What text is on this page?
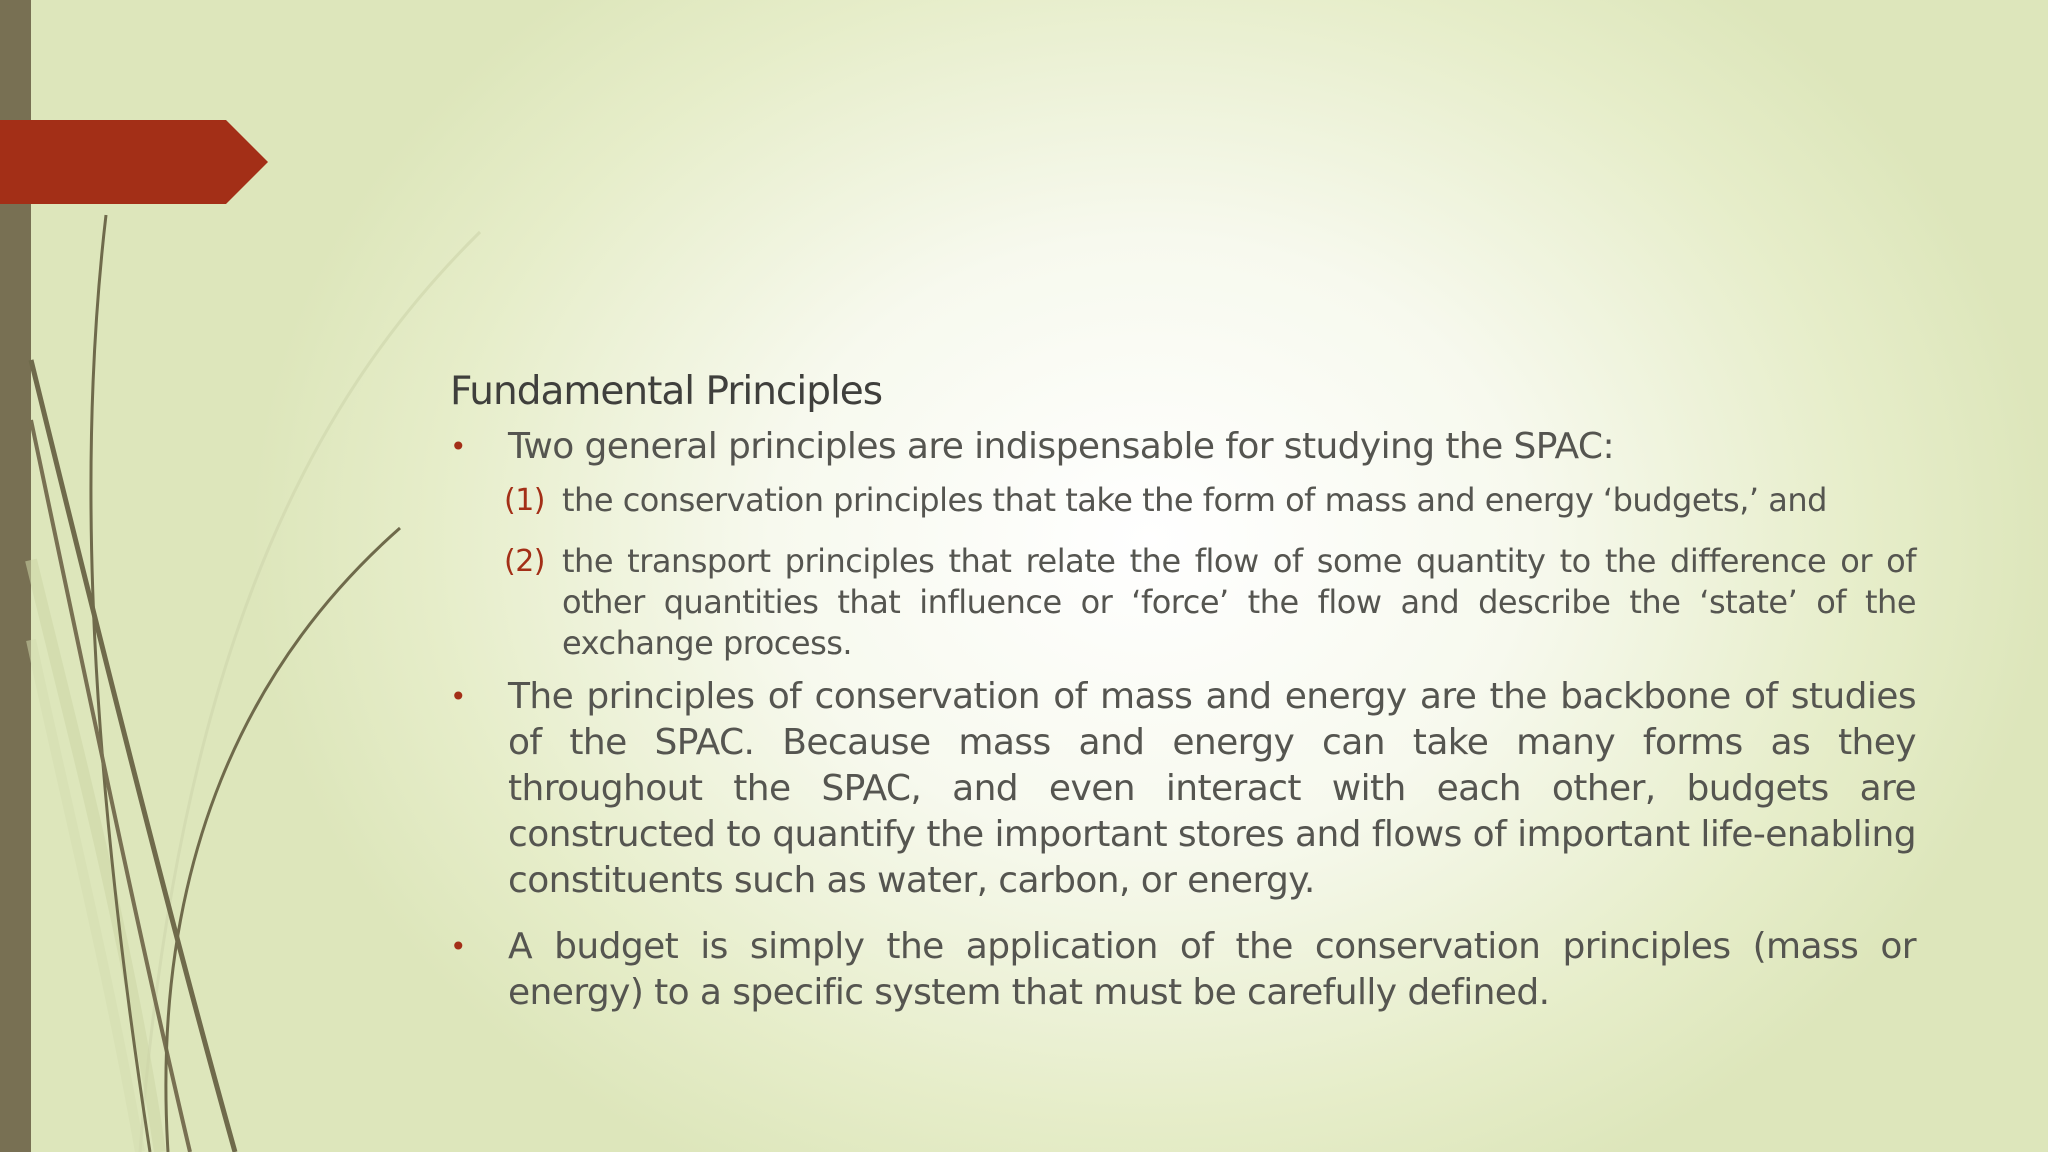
Fundamental Principles
• Two general principles are indispensable for studying the SPAC:
(1) the conservation principles that take the form of mass and energy ‘budgets,’ and
(2) the transport principles that relate the flow of some quantity to the difference or of other quantities that influence or ‘force’ the flow and describe the ‘state’ of the exchange process.
• The principles of conservation of mass and energy are the backbone of studies of the SPAC. Because mass and energy can take many forms as they throughout the SPAC, and even interact with each other, budgets are constructed to quantify the important stores and flows of important life-enabling constituents such as water, carbon, or energy.
• A budget is simply the application of the conservation principles (mass or energy) to a specific system that must be carefully defined.
